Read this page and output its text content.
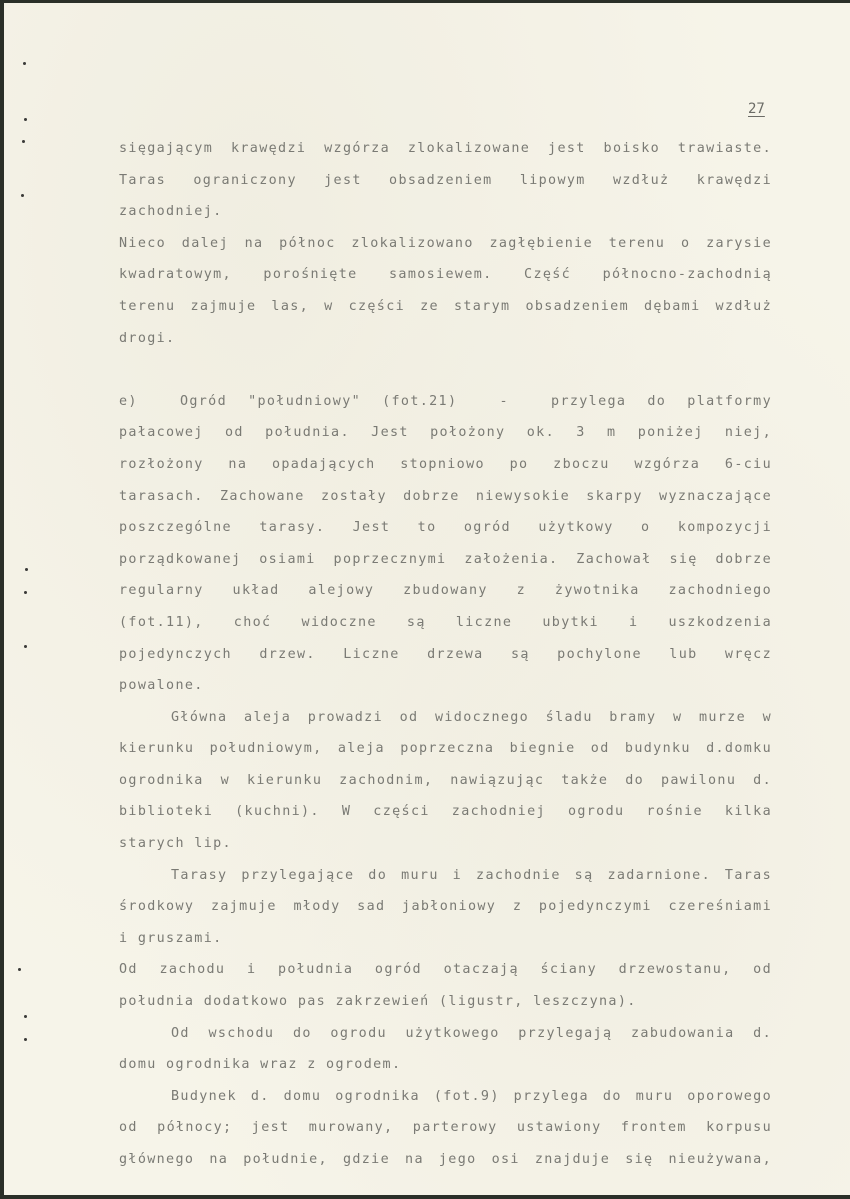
27
sięgającym krawędzi wzgórza zlokalizowane jest boisko trawiaste.
Taras ograniczony jest obsadzeniem lipowym wzdłuż krawędzi
zachodniej.
Nieco dalej na północ zlokalizowano zagłębienie terenu o zarysie
kwadratowym, porośnięte samosiewem. Część północno-zachodnią
terenu zajmuje las, w części ze starym obsadzeniem dębami wzdłuż
drogi.
e)  Ogród "południowy" (fot.21)  -  przylega do platformy
pałacowej od południa. Jest położony ok. 3 m poniżej niej,
rozłożony na opadających stopniowo po zboczu wzgórza 6-ciu
tarasach. Zachowane zostały dobrze niewysokie skarpy wyznaczające
poszczególne tarasy. Jest to ogród użytkowy o kompozycji
porządkowanej osiami poprzecznymi założenia. Zachował się dobrze
regularny układ alejowy zbudowany z żywotnika zachodniego
(fot.11), choć widoczne są liczne ubytki i uszkodzenia
pojedynczych drzew. Liczne drzewa są pochylone lub wręcz
powalone.
Główna aleja prowadzi od widocznego śladu bramy w murze w
kierunku południowym, aleja poprzeczna biegnie od budynku d.domku
ogrodnika w kierunku zachodnim, nawiązując także do pawilonu d.
biblioteki (kuchni). W części zachodniej ogrodu rośnie kilka
starych lip.
Tarasy przylegające do muru i zachodnie są zadarnione. Taras
środkowy zajmuje młody sad jabłoniowy z pojedynczymi czereśniami
i gruszami.
Od zachodu i południa ogród otaczają ściany drzewostanu, od
południa dodatkowo pas zakrzewień (ligustr, leszczyna).
Od wschodu do ogrodu użytkowego przylegają zabudowania d.
domu ogrodnika wraz z ogrodem.
Budynek d. domu ogrodnika (fot.9) przylega do muru oporowego
od północy; jest murowany, parterowy ustawiony frontem korpusu
głównego na południe, gdzie na jego osi znajduje się nieużywana,
